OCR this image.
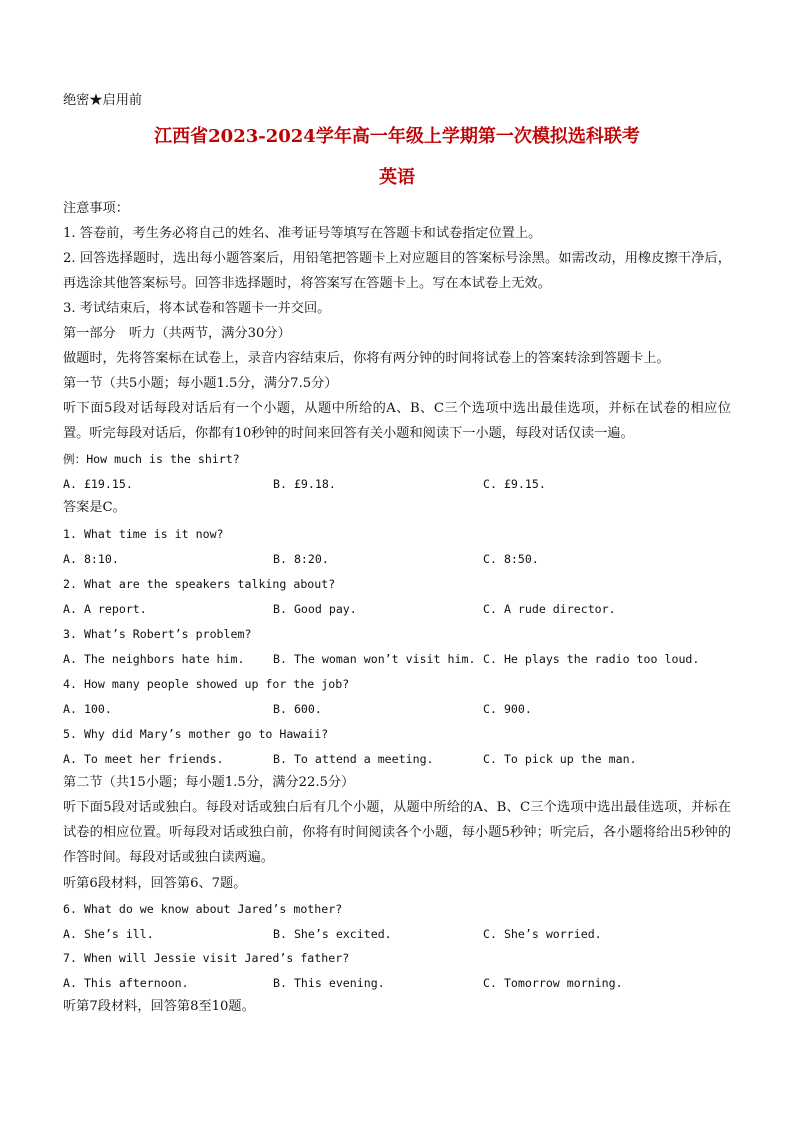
绝密★启用前
江西省2023-2024学年高一年级上学期第一次模拟选科联考
英语
注意事项：
1. 答卷前，考生务必将自己的姓名、准考证号等填写在答题卡和试卷指定位置上。
2. 回答选择题时，选出每小题答案后，用铅笔把答题卡上对应题目的答案标号涂黑。如需改动，用橡皮擦干净后，再选涂其他答案标号。回答非选择题时，将答案写在答题卡上。写在本试卷上无效。
3. 考试结束后，将本试卷和答题卡一并交回。
第一部分　听力（共两节，满分30分）
做题时，先将答案标在试卷上，录音内容结束后，你将有两分钟的时间将试卷上的答案转涂到答题卡上。
第一节（共5小题；每小题1.5分，满分7.5分）
听下面5段对话每段对话后有一个小题，从题中所给的A、B、C三个选项中选出最佳选项，并标在试卷的相应位置。听完每段对话后，你都有10秒钟的时间来回答有关小题和阅读下一小题，每段对话仅读一遍。
例：How much is the shirt?
A. £19.15.	B. £9.18.	C. £9.15.
答案是C。
1. What time is it now?
A. 8:10.	B. 8:20.	C. 8:50.
2. What are the speakers talking about?
A. A report.	B. Good pay.	C. A rude director.
3. What’s Robert’s problem?
A. The neighbors hate him. B. The woman won’t visit him. C. He plays the radio too loud.
4. How many people showed up for the job?
A. 100.	B. 600.	C. 900.
5. Why did Mary’s mother go to Hawaii?
A. To meet her friends.	B. To attend a meeting.	C. To pick up the man.
第二节（共15小题；每小题1.5分，满分22.5分）
听下面5段对话或独白。每段对话或独白后有几个小题，从题中所给的A、B、C三个选项中选出最佳选项，并标在试卷的相应位置。听每段对话或独白前，你将有时间阅读各个小题，每小题5秒钟；听完后，各小题将给出5秒钟的作答时间。每段对话或独白读两遍。
听第6段材料，回答第6、7题。
6. What do we know about Jared’s mother?
A. She’s ill.	B. She’s excited.	C. She’s worried.
7. When will Jessie visit Jared’s father?
A. This afternoon.	B. This evening.	C. Tomorrow morning.
听第7段材料，回答第8至10题。
